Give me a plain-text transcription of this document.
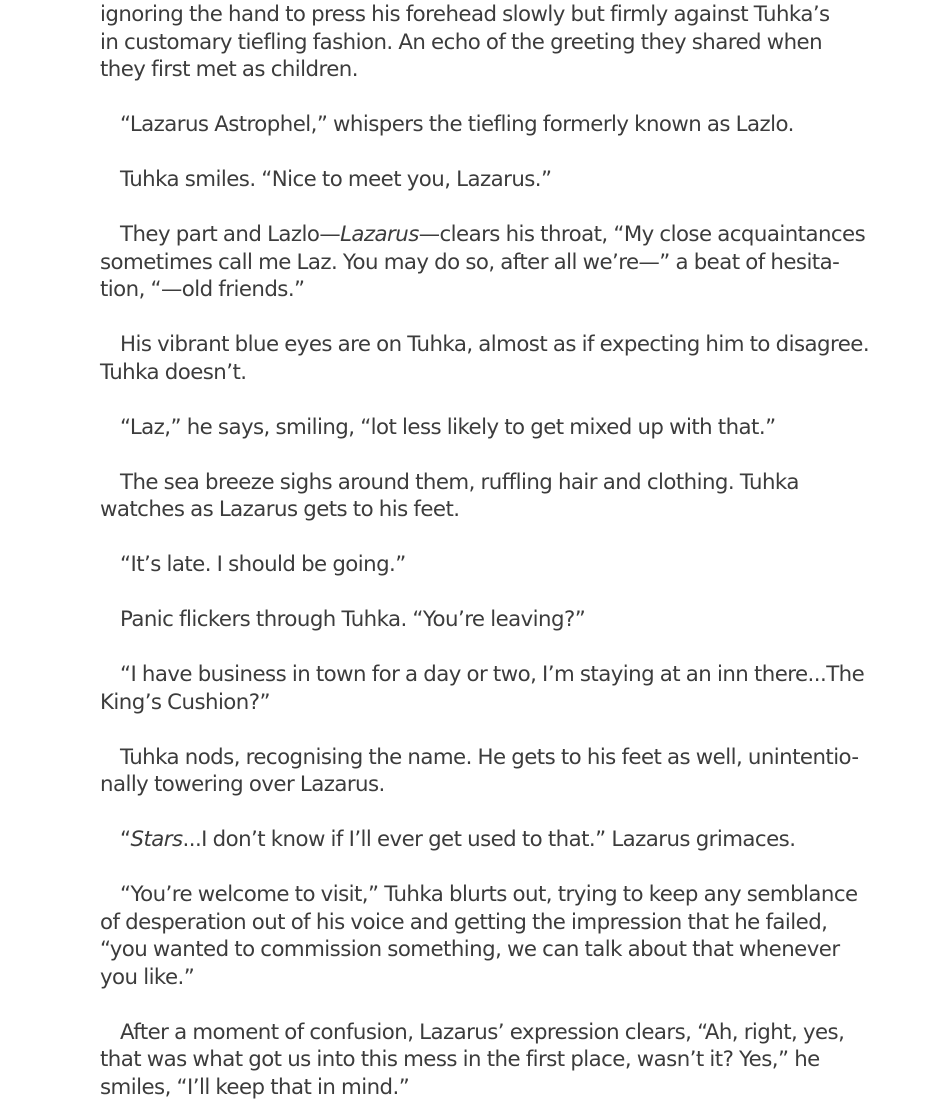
ignoring the hand to press his forehead slowly but firmly against Tuhka’s
in customary tiefling fashion. An echo of the greeting they shared when
they first met as children.

“Lazarus Astrophel,” whispers the tiefling formerly known as Lazlo.

Tuhka smiles. “Nice to meet you, Lazarus.”

They part and Lazlo—Lazarus—clears his throat, “My close acquaintances
sometimes call me Laz. You may do so, after all we’re—” a beat of hesita-
tion, “—old friends.”

His vibrant blue eyes are on Tuhka, almost as if expecting him to disagree.
Tuhka doesn’t.

“Laz,” he says, smiling, “lot less likely to get mixed up with that.”

The sea breeze sighs around them, ruffling hair and clothing. Tuhka
watches as Lazarus gets to his feet.

“It’s late. I should be going.”

Panic flickers through Tuhka. “You’re leaving?”

“I have business in town for a day or two, I’m staying at an inn there...The
King’s Cushion?”

Tuhka nods, recognising the name. He gets to his feet as well, unintentio-
nally towering over Lazarus.

“Stars...I don’t know if I’ll ever get used to that.” Lazarus grimaces.

“You’re welcome to visit,” Tuhka blurts out, trying to keep any semblance
of desperation out of his voice and getting the impression that he failed,
“you wanted to commission something, we can talk about that whenever
you like.”

After a moment of confusion, Lazarus’ expression clears, “Ah, right, yes,
that was what got us into this mess in the first place, wasn’t it? Yes,” he
smiles, “I’ll keep that in mind.”
